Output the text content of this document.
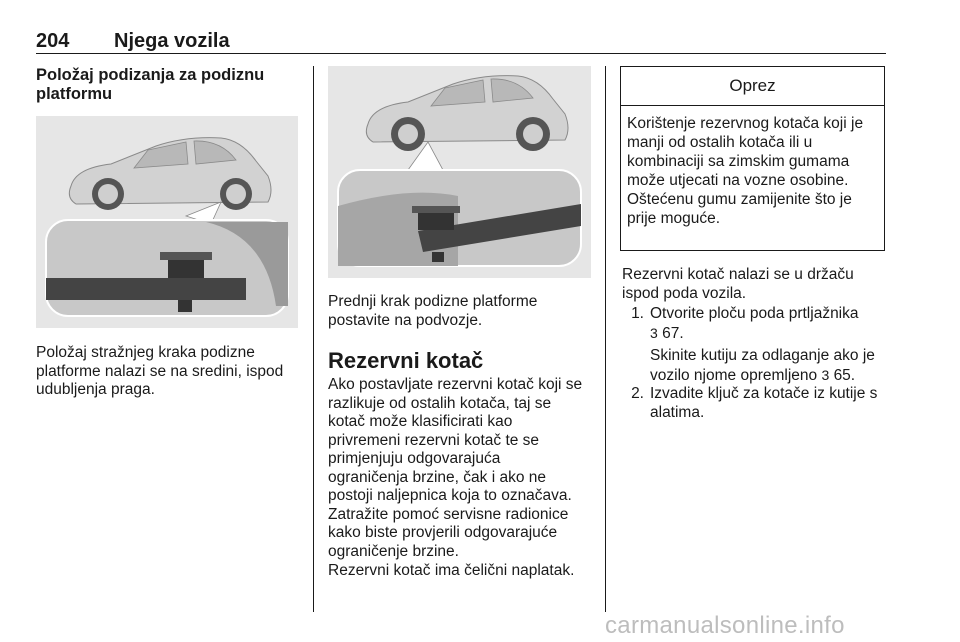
204 Njega vozila
Položaj podizanja za podiznu
platformu
Položaj stražnjeg kraka podizne
platforme nalazi se na sredini, ispod
udubljenja praga.
Prednji krak podizne platforme
postavite na podvozje.
Rezervni kotač
Ako postavljate rezervni kotač koji se
razlikuje od ostalih kotača, taj se
kotač može klasificirati kao
privremeni rezervni kotač te se
primjenjuju odgovarajuća
ograničenja brzine, čak i ako ne
postoji naljepnica koja to označava.
Zatražite pomoć servisne radionice
kako biste provjerili odgovarajuće
ograničenje brzine.
Rezervni kotač ima čelični naplatak.
Oprez
Korištenje rezervnog kotača koji je
manji od ostalih kotača ili u
kombinaciji sa zimskim gumama
može utjecati na vozne osobine.
Oštećenu gumu zamijenite što je
prije moguće.
Rezervni kotač nalazi se u držaču
ispod poda vozila.
1. Otvorite ploču poda prtljažnika
3 67.
Skinite kutiju za odlaganje ako je
vozilo njome opremljeno 3 65.
2. Izvadite ključ za kotače iz kutije s
alatima.
carmanualsonline.info
